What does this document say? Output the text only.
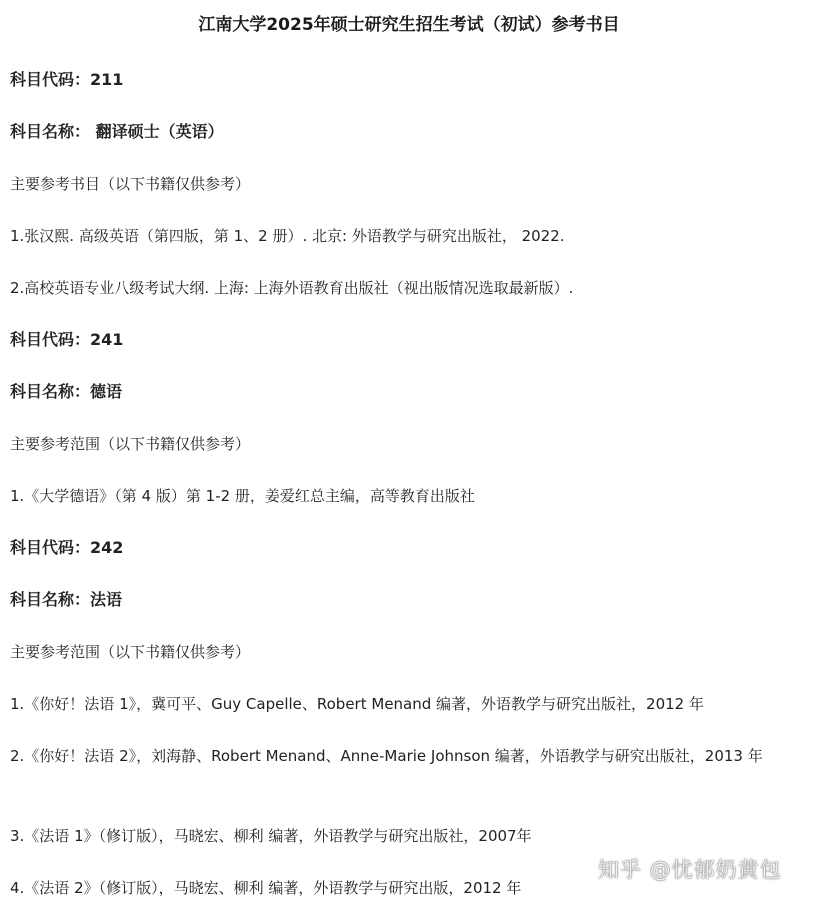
江南大学2025年硕士研究生招生考试（初试）参考书目
科目代码：211
科目名称： 翻译硕士（英语）
主要参考书目（以下书籍仅供参考）
1.张汉熙. 高级英语（第四版，第 1、2 册）. 北京: 外语教学与研究出版社， 2022.
2.高校英语专业八级考试大纲. 上海: 上海外语教育出版社（视出版情况选取最新版）.
科目代码：241
科目名称：德语
主要参考范围（以下书籍仅供参考）
1.《大学德语》（第 4 版）第 1-2 册，姜爱红总主编，高等教育出版社
科目代码：242
科目名称：法语
主要参考范围（以下书籍仅供参考）
1.《你好！法语 1》，冀可平、Guy Capelle、Robert Menand 编著，外语教学与研究出版社，2012 年
2.《你好！法语 2》，刘海静、Robert Menand、Anne-Marie Johnson 编著，外语教学与研究出版社，2013 年
3.《法语 1》（修订版），马晓宏、柳利 编著，外语教学与研究出版社，2007年
4.《法语 2》（修订版），马晓宏、柳利 编著，外语教学与研究出版，2012 年
知乎 @忧郁奶黄包
